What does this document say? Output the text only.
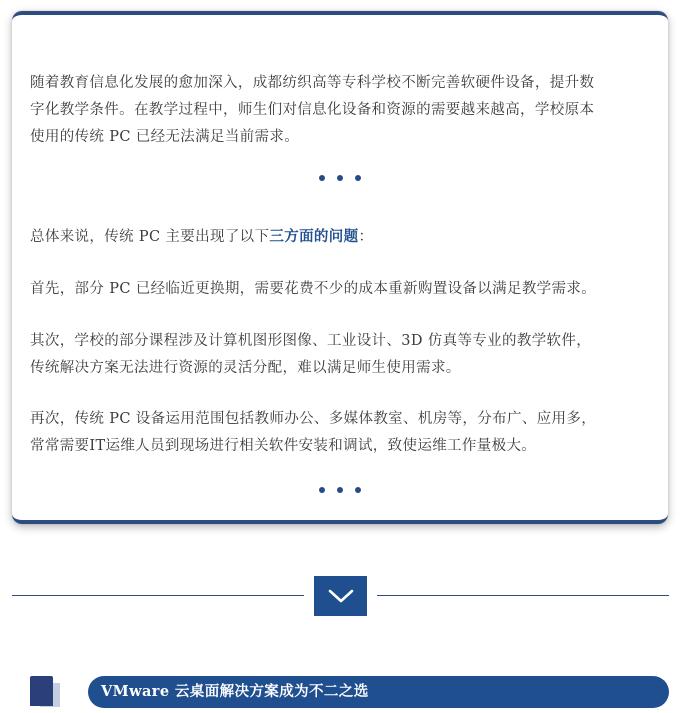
随着教育信息化发展的愈加深入，成都纺织高等专科学校不断完善软硬件设备，提升数
字化教学条件。在教学过程中，师生们对信息化设备和资源的需要越来越高，学校原本
使用的传统 PC 已经无法满足当前需求。

总体来说，传统 PC 主要出现了以下三方面的问题：

首先，部分 PC 已经临近更换期，需要花费不少的成本重新购置设备以满足教学需求。

其次，学校的部分课程涉及计算机图形图像、工业设计、3D 仿真等专业的教学软件，
传统解决方案无法进行资源的灵活分配，难以满足师生使用需求。

再次，传统 PC 设备运用范围包括教师办公、多媒体教室、机房等，分布广、应用多，
常常需要IT运维人员到现场进行相关软件安装和调试，致使运维工作量极大。

VMware 云桌面解决方案成为不二之选
